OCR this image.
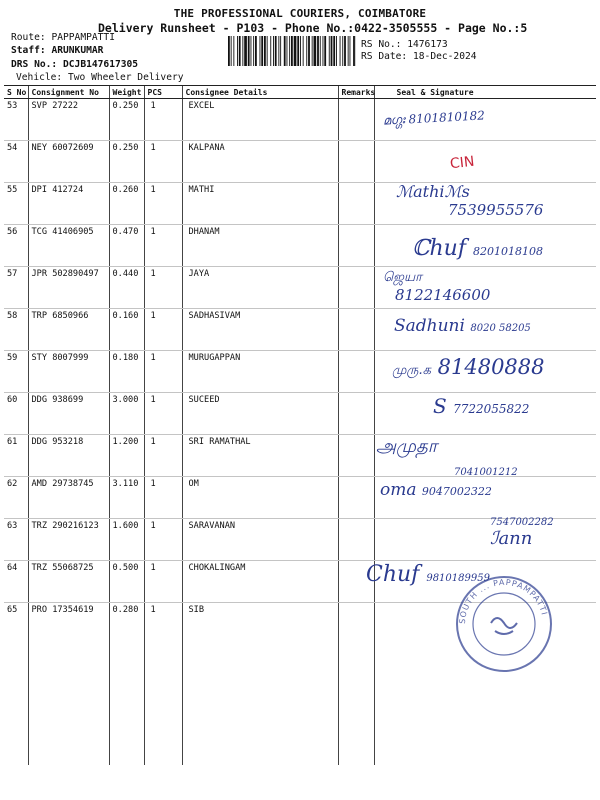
THE PROFESSIONAL COURIERS, COIMBATORE
Delivery Runsheet - P103 - Phone No.:0422-3505555 - Page No.:5
Route: PAPPAMPATTI
Staff: ARUNKUMAR
DRS No.: DCJB147617305
Vehicle: Two Wheeler Delivery
RS No.: 1476173
RS Date: 18-Dec-2024
S No	Consignment No	Weight	PCS	Consignee Details	Remarks	Seal & Signature
53	SVP 27222	0.250	1	EXCEL		
54	NEY 60072609	0.250	1	KALPANA		
55	DPI 412724	0.260	1	MATHI		
56	TCG 41406905	0.470	1	DHANAM		
57	JPR 502890497	0.440	1	JAYA		
58	TRP 6850966	0.160	1	SADHASIVAM		
59	STY 8007999	0.180	1	MURUGAPPAN		
60	DDG 938699	3.000	1	SUCEED		
61	DDG 953218	1.200	1	SRI RAMATHAL		
62	AMD 29738745	3.110	1	OM		
63	TRZ 290216123	1.600	1	SARAVANAN		
64	TRZ 55068725	0.500	1	CHOKALINGAM		
65	PRO 17354619	0.280	1	SIB		
മഗ്ഗഃ 8101810182
CIN
ℳathiℳs
7539955576
ℂhuf 8201018108
ஜெயா
8122146600
Sadhuni 8020 58205
முரு.க 81480888
S 7722055822
அமுதா
7041001212
oma 9047002322
7547002282
ℐann
Chuf 9810189959
SOUTH ... PAPPAMPATTI
